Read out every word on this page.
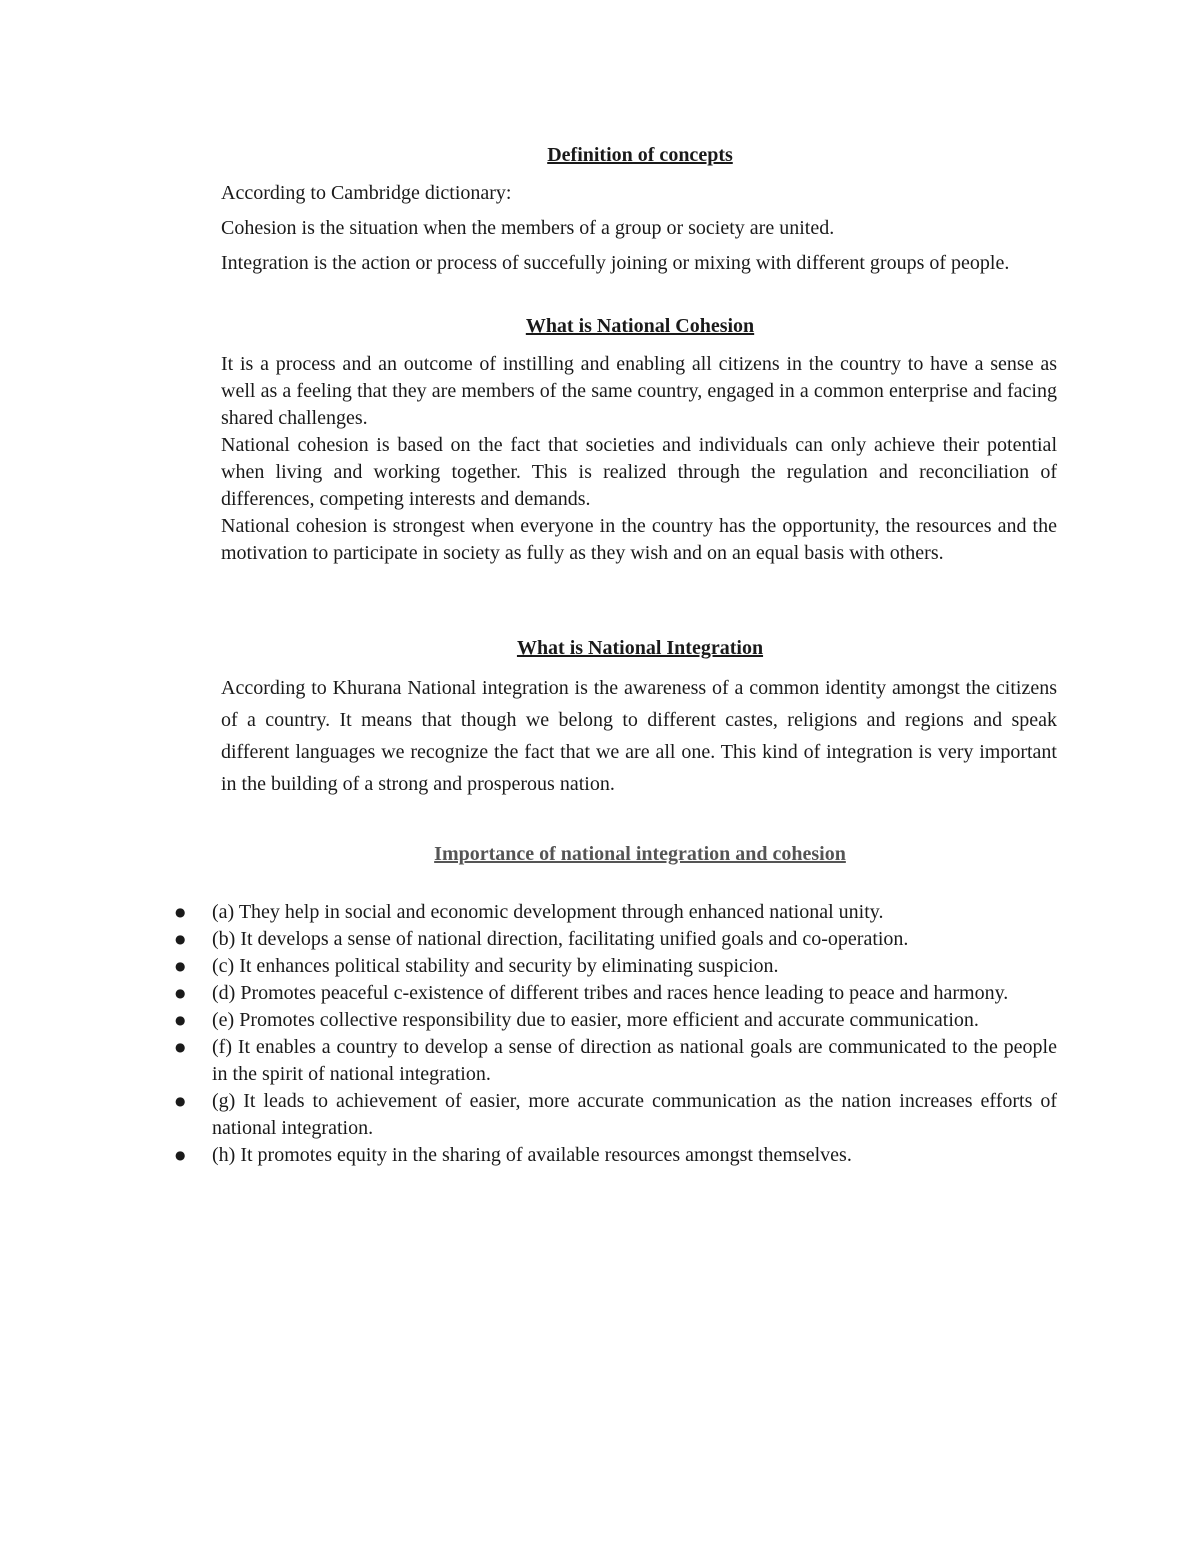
Definition of concepts

According to Cambridge dictionary:

Cohesion is the situation when the members of a group or society are united.

Integration is the action or process of succefully joining or mixing with different groups of people.

What is National Cohesion

It is a process and an outcome of instilling and enabling all citizens in the country to have a sense as well as a feeling that they are members of the same country, engaged in a common enterprise and facing shared challenges.

National cohesion is based on the fact that societies and individuals can only achieve their potential when living and working together. This is realized through the regulation and reconciliation of differences, competing interests and demands.

National cohesion is strongest when everyone in the country has the opportunity, the resources and the motivation to participate in society as fully as they wish and on an equal basis with others.

What is National Integration

According to Khurana National integration is the awareness of a common identity amongst the citizens of a country. It means that though we belong to different castes, religions and regions and speak different languages we recognize the fact that we are all one. This kind of integration is very important in the building of a strong and prosperous nation.

Importance of national integration and cohesion
● (a) They help in social and economic development through enhanced national unity.
● (b) It develops a sense of national direction, facilitating unified goals and co-operation.
● (c) It enhances political stability and security by eliminating suspicion.
● (d) Promotes peaceful c-existence of different tribes and races hence leading to peace and harmony.
● (e) Promotes collective responsibility due to easier, more efficient and accurate communication.
● (f) It enables a country to develop a sense of direction as national goals are communicated to the people in the spirit of national integration.
● (g) It leads to achievement of easier, more accurate communication as the nation increases efforts of national integration.
● (h) It promotes equity in the sharing of available resources amongst themselves.
